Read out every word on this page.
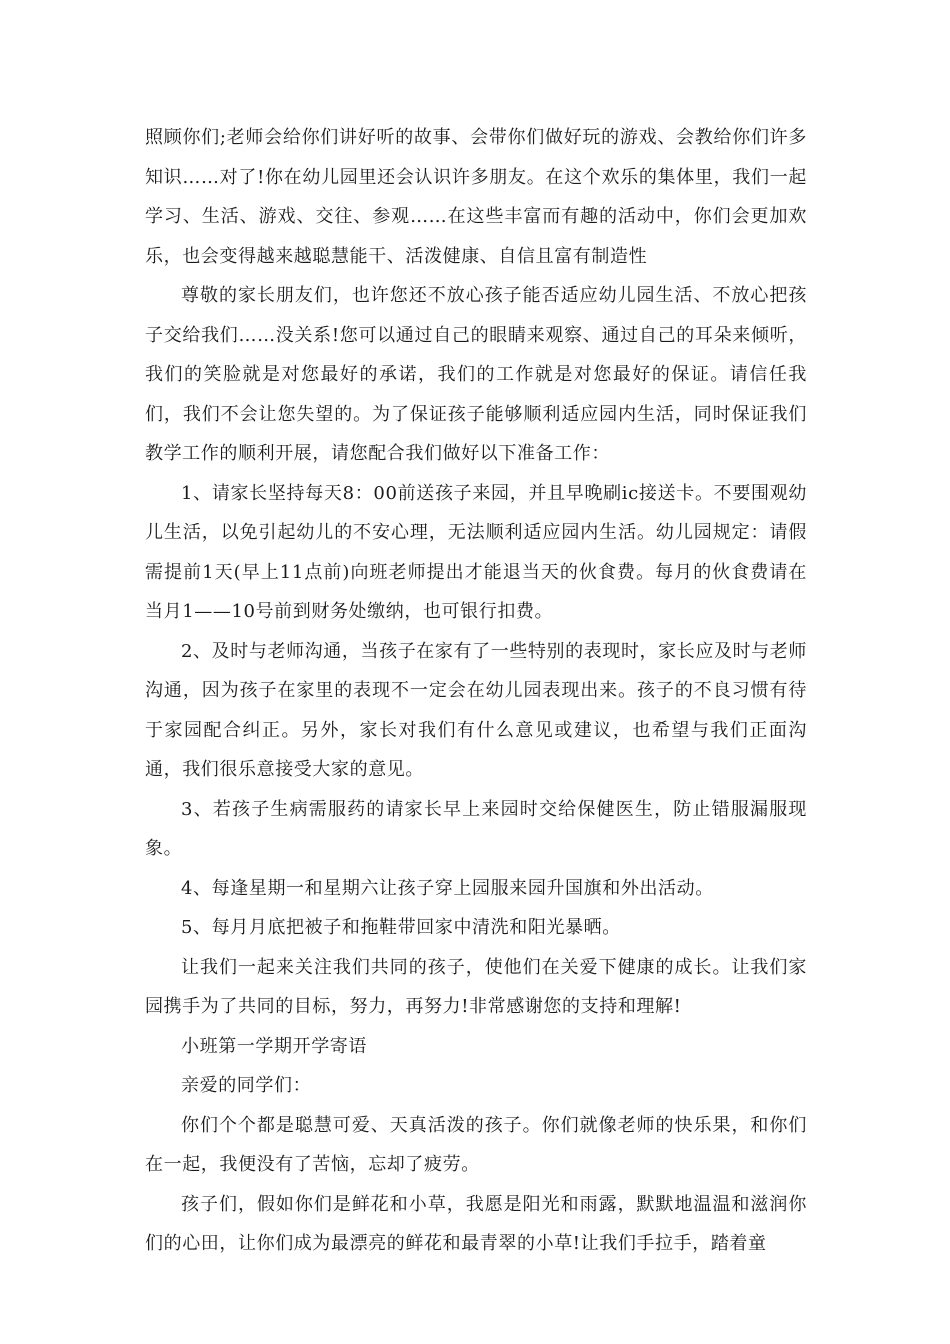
照顾你们;老师会给你们讲好听的故事、会带你们做好玩的游戏、会教给你们许多知识……对了!你在幼儿园里还会认识许多朋友。在这个欢乐的集体里，我们一起学习、生活、游戏、交往、参观……在这些丰富而有趣的活动中，你们会更加欢乐，也会变得越来越聪慧能干、活泼健康、自信且富有制造性

尊敬的家长朋友们，也许您还不放心孩子能否适应幼儿园生活、不放心把孩子交给我们……没关系!您可以通过自己的眼睛来观察、通过自己的耳朵来倾听，我们的笑脸就是对您最好的承诺，我们的工作就是对您最好的保证。请信任我们，我们不会让您失望的。为了保证孩子能够顺利适应园内生活，同时保证我们教学工作的顺利开展，请您配合我们做好以下准备工作：

1、请家长坚持每天8：00前送孩子来园，并且早晚刷ic接送卡。不要围观幼儿生活，以免引起幼儿的不安心理，无法顺利适应园内生活。幼儿园规定：请假需提前1天(早上11点前)向班老师提出才能退当天的伙食费。每月的伙食费请在当月1——10号前到财务处缴纳，也可银行扣费。

2、及时与老师沟通，当孩子在家有了一些特别的表现时，家长应及时与老师沟通，因为孩子在家里的表现不一定会在幼儿园表现出来。孩子的不良习惯有待于家园配合纠正。另外，家长对我们有什么意见或建议，也希望与我们正面沟通，我们很乐意接受大家的意见。

3、若孩子生病需服药的请家长早上来园时交给保健医生，防止错服漏服现象。

4、每逢星期一和星期六让孩子穿上园服来园升国旗和外出活动。

5、每月月底把被子和拖鞋带回家中清洗和阳光暴晒。

让我们一起来关注我们共同的孩子，使他们在关爱下健康的成长。让我们家园携手为了共同的目标，努力，再努力!非常感谢您的支持和理解!

小班第一学期开学寄语

亲爱的同学们：

你们个个都是聪慧可爱、天真活泼的孩子。你们就像老师的快乐果，和你们在一起，我便没有了苦恼，忘却了疲劳。

孩子们，假如你们是鲜花和小草，我愿是阳光和雨露，默默地温温和滋润你们的心田，让你们成为最漂亮的鲜花和最青翠的小草!让我们手拉手，踏着童
